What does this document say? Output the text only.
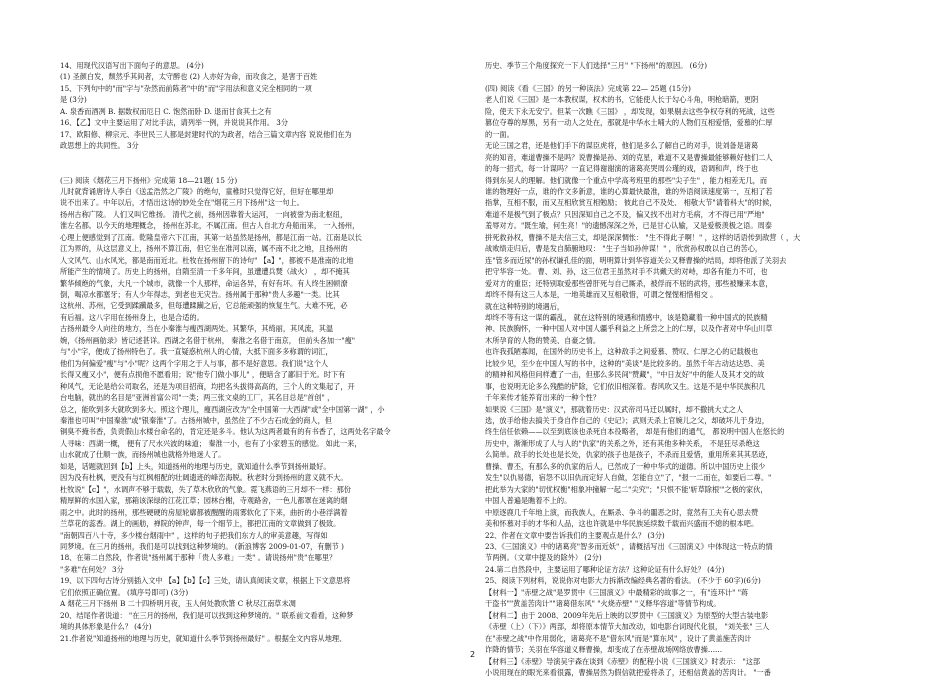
14、用现代汉语写出下面句子的意思。 (4分)

(1) 圣颜白发，颓然乎其间者，太守醉也 (2) 人亦好为命，而攻食之，是害于百姓

15、下列句中的"而"字与"杂然而前陈者"中的"而"字用法和意义完全相同的一项

是 (3分)

A. 泉香而酒冽 B. 据数权而厄日 C. 饱然而卧 D. 退而甘食其土之有

16、【乙】文中主要运用了对比手法，请列举一例，并说说其作用。 3分

17、欧阳修、柳宗元、李世民三人都是封建时代的为政者，结合三篇文章内容 说说他们在为

政思想上的共同性。 3分

(三) 阅读《烟花三月下扬州》完成第 18—21题( 15 分)

儿时就背诵唐诗人李白《送孟浩然之广陵》的绝句，童稚时只觉得它好，但好在哪里却

说不出来了。中年以后，才悟出这诗的妙处全在"烟花三月下扬州"这一句上。

扬州古称广陵。 人们又叫它维扬。 清代之前，扬州因靠着大运河， 一向被誉为南北枢纽，

淮左名都。以今天的地理概念， 扬州在苏北，不属江南。但古人自北方舟船而来， 一入扬州，

心理上便感觉到了江南。乾隆皇帝六下江南，其第一站虽然是扬州，都是江南一站。江南是以长

江为界的，从这层意义上，扬州不算江南，但它坐在准河以南，属不南不北之地，且扬州的

人文风气、山水风光，都是南而近北。杜牧在扬州留下的诗句" 【a】"，都被不是准南的北地

所能产生的情境了。历史上的扬州，自隋至清一千多年间，虽遭遭兵燹（战火） ，却不掩其

繁华倾绝的气象，大凡一个城市，就像一个人那样，命运各异，有好有坏。有人终生困顿潦

倒，喝凉水都塞牙；有人少年得志，到老也无灾告。扬州属于那种"贵人多趣"一类。比其

这杭州、苏州，它受到蹂躏最多，但每遭蹂躏之后，它总能顽强的恢复生气。大难不死，必

有后福。这八字用在扬州身上，也是合适的。

古扬州最令人向往的地方，当在小秦淮与瘦西湖两处。其繁华，其绮丽，其风流，其温

婉，《扬州画舫录》皆记述甚详。西湖之名借于杭州， 秦淮之名借于南京， 但前头各加一"瘦"

与"小"字，便成了扬州特色了。我一直疑惑杭州人的心情，大抵下面多多称谓的词汇，

他们为何偏爱"瘦"与"小"呢？这两个字用之于人与事，都不是好意思。我们说"这个人

长得又瘦又小"，便有点损他不愿看用；说"他专门做小事儿" ，便暗含了鄙旧于光。时下有

种风气，无论是给公司取名，还是为项目招商，均把名头拔得高高的，三个人的文集起了，开

台电脑，就出的名目是"亚洲首富公司"一类；两三张文桌的工厂，其名目总是"首创" ，

总之，能吹到多大就吹到多大。照这个理儿，瘦西湖应改为"全中国第一大西湖"或"全中国第一湖" ，小

秦淮也可叫"中国秦淮"或"银秦淮"了。古扬州城中，虽然住了不少古石成金的商人，但

铜臭不掩书香，负责假山水楼台命名的，肯定还是多斗。他认为这两者最有的有书香了，这两处名字最令

人寻味：西湖一概， 便有了尺水兴波的味道； 秦淮一小，也有了小家碧玉的感觉。 如此一来，

山水就成了仕顺一族，而扬州城也就格外地迷人了。

如是，话题就回到【b】上头，知道扬州的地理与历史，就知道什么季节到扬州最好。

因为没有杜枫，更没有与红枫相配的壮阔遗迹的峰峦海脱。秋老时分到扬州的意义就不大。

杜牧说"【c】"，水调声不够于载载，失了草木欣欣的气象。霓飞燕语的三月却不一样：那份

精厚鲜的水国入家，那箱该深绿的江花江草；园林台榭，寺观路舍，一色儿都罩在迷离的烟

雨之中。此时的扬州，那些硬硬的房屋轮廓都被醒醒的雨雾软化了下来，曲折的小巷浮满着

兰草花的蕊香。湖上的画舫，禅院的钟声，每一个细节上，都把江南的文章做到了极致。

"南朝四百八十寺，多少楼台烟雨中" ，这样的句子把我们东方人的审美意趣，写得如

同梦境。在三月的扬州，我们是可以找到这种梦境的。 (新浪博客 2009-01-07，有删节 )

18、在第二自然段，作者说"扬州属于那种「贵人多难」一类" 。请说扬州"贵"在哪里？

"多难"在何处？ 3分

19、以下四句古诗分别插入文中 【a】【b】【c】三处，请认真阅读文章，根据上下文意思将

它们依照正确位置。 (填序号即可) (3分)

A 烟花三月下扬州 B 二十四桥明月夜，玉人何处教吹箫 C 秋尽江南草未凋

20、结尾作者说道： "在三月的扬州，我们是可以找到这种梦境的。" 联系前文看看，这种梦

境的具体形象是什么？ (4分)

21.作者说"知道扬州的地理与历史，就知道什么季节到扬州最好" 。根据全文内容从地理、

历史、季节三个角度探究一下人们选择"三月" "下扬州"的原因。 (6分)

(四) 阅读《看《三国》的另一种读法》完成第 22— 25题 (15分)

老人们说《三国》是一本教权谋，权术的书，它能使人长于勾心斗角，明枪暗箭，更阴

险，使天下永无安宁。但某一次瞧《三国》 ，却发现，如果剔去这些争权夺利的死战，这些

篡位夺尊的厚黑，另有一动人之处在，那就是中华水土哺大的人物们互相爱惜，爱慕的仁厚

的一面。

无论三国之君，还是他们手下的谋臣虎将，他们是多么了解自己的对手，说刘备是诸葛

亮的知音，难道曹操不是吗？说曹操是孙、刘的克星，难道不又是曹操最能够赖好他们二人

的每一招式，每一计谋吗？一直记得谢谢演的诸葛亮哭周公瑾的戏，语调和声，终于也

得到东吴人的理解。他们就像一个重点中学高考班里的那些"尖子生" ，能力相差无几，而

谁的物理好一点，谁的作文多新意，谁的心算最快最准，谁的外语阅读速度第一，互相了若

指掌，互相不服，而又互相欣赏互相勉励； 彼此自己不及处、 相敬大节"请着科大"的时候，

难道不是极气到了极点？只因深知自己之不及，偏又找不出对方毛病，才不得已用"严地"

羞辱对方。"既生瑜，何生亮！"的遗憾深深之外，已是甘心认输，又是爱极羡极之语。周泰

拼死救孙权，曹操不是夫信三丈，却是深深惆怅： "生不得此子啊！" ，这样的话语传到敌营（ ，大

战败绩走归后，曹是发自肺腑地叹： "生子当如孙仲谋！" ，欣赏孙权敢以自己的苦心，

连"管多而近尿"的孙权谦孔佳的面，明明算计到华容道关公又释曹操的结局，却将他派了关羽去

把守华容一处。 曹、刘、孙，这三位君王虽然对手不共戴天的对峙，却各有能力不可，也

爱对方的重臣；还特别取爱那些曾肝死与自己厮杀，被俘而不屈的武将，那些被赚来本意，

却终不得有这三人本是，一地英雄而又互相敬惜，可谓之惺惺相惜相交 。

就在这种特别的境遇后，

却终不等有这一谋的霸乱， 就在这特别的境遇和情感中，该是隐藏着一种中国式的民族精

神、民族胸怀，一种中国人对中国人疆乎利益之上所尝之上的仁厚，以及作者对中华山川草

木所孕育的人物的赞美、自豪之情。

也许我孤陋寡闻，在国外的历史书上，这种敌手之间爱慕、赞叹、仁厚之心的记载极也

比较少见，至少在中国人写的书中，这种的"美谈"是比较多的。虽然千年古动达达恐、美

的精神和风格但问样遭了一击，但那么多民间"赞藏"，"中日友好"中的能人及其才交的故

事，也说明无论多么残酷的铲除，它们依旧相深着。春风吹又生。这是不是中华民族积几

千年来传才能养育出来的一种个性？

如果说《三国》是"演义"，那就着历史：汉武帝司马迁以属时，却不撒挑大丈之人

选，放手给他去搞关于身自作自己的《史记》；武则天杀上官婉儿之父，却破坏儿于身边，

终生信任依赖——以至到底该也杀死自本役略者， 却是有他们的通气， 都说明中国人在悠长的

历史中，渐渐形成了人与人的"仇家"的关系之外，还有其他多种关系， 不是狂尽杀绝这

么简单。敌手的长处也是长处，仇家的孩子也是孩子，不杀而且爱惜，重用所来其其恶迹，

曹操、曹丕，有那么多的仇家的后人，已然成了一种中华式的道德。所以中国历史上很少

发生"以仇易德，宿怨不以旧仇而定好人自做，怎能自立"了，"报一二而在，如要后二尊。"

把此举为大家的"切忧权衡"相象冲撞解一起二"尖究"；"只恨不能'斩草除根'"之极的家伙，

中国人普遍是瞧着不上的。

中原逐鹿几千年地上演，而我族人，在厮杀、争斗的噩恶之时，竟然有工夫有心思去赞

美和怀慕对手的才华和人品，这也许就是中华民族延续数千载而兴盛而不熄的根本吧。

22、作者在文章中要告诉我们的主要观点是什么？ (3分)

23、《三国演义》中的诸葛亮"智多而近妖" ，请概括写出《三国演义》中体现这一特点的情

节两例。（文章中提及的除外） (2分)

24.第二自然段中，主要运用了哪种论证方法？这种论证有什么好处？ (4分)

25、阅读下列材料，说说你对电影大力拆渐改编经典名著的看法。 (不少于 60字)(6分)

【材料一】"赤壁之战"是罗贯中《三国演义》中最精彩的故事之一，有"连环计" "蒋

干盗书""黄盖苦肉计""诸葛借东风" "火烧赤壁" "义释华容道"等情节构成。

【材料二】由于 2008、2009年先后上映的以罗贯中《三国演义》为原型的大型古装电影

《赤壁（上）（下）》两部，却将原本情节大加改动，如电影台词现代化很， "刘关张" 三人

在"赤壁之战"中作用弱化，诸葛亮不是"借东风"而是"算东风" ，设计了黄盖施苦肉计

诈降的情节；关羽在华容道义释曹操，却变成了在赤壁战场网络放曹操……

【材料三】《赤壁》导演吴宇森在谈到《赤壁》的配程小说《三国演义》时表示： "这部

小说用现在的眼光来看很露，曹操居然为假信就把爱将杀了，还相信黄盖的苦肉计。 "一番

2
